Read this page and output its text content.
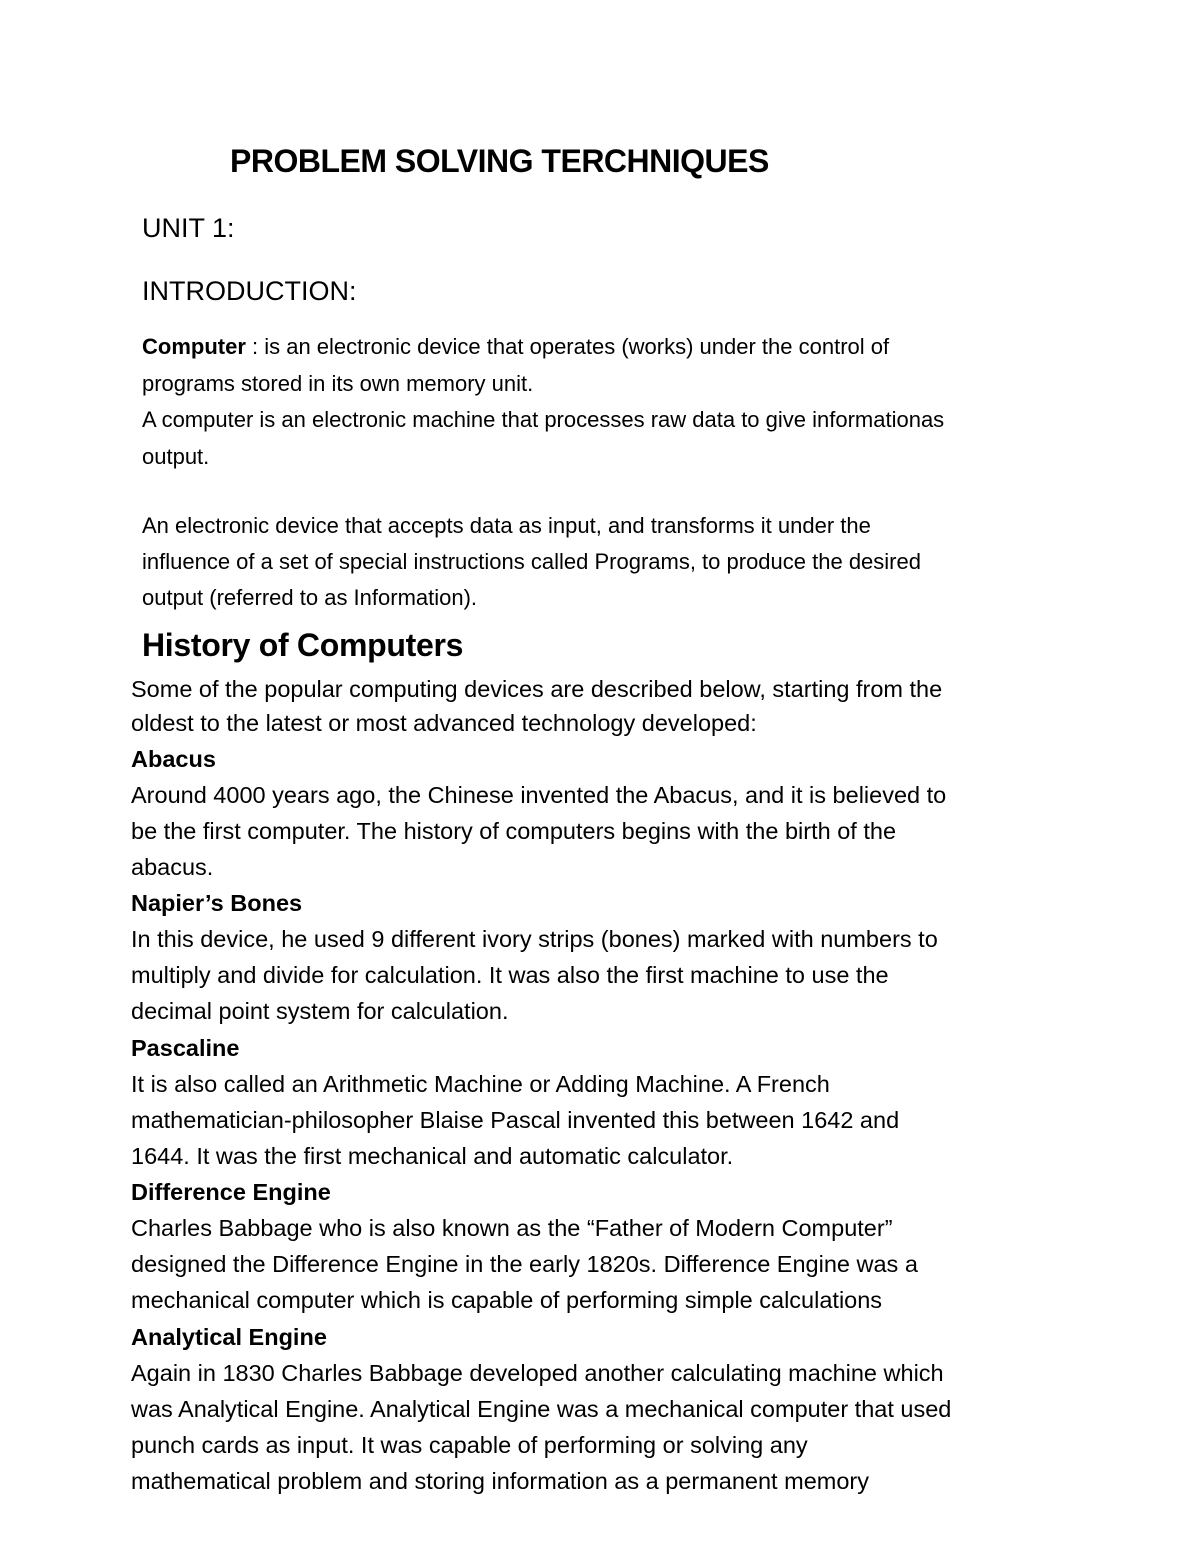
PROBLEM SOLVING TERCHNIQUES
UNIT 1:
INTRODUCTION:
Computer : is an electronic device that operates (works) under the control of
programs stored in its own memory unit.
A computer is an electronic machine that processes raw data to give informationas
output.
An electronic device that accepts data as input, and transforms it under the
influence of a set of special instructions called Programs, to produce the desired
output (referred to as Information).
History of Computers
Some of the popular computing devices are described below, starting from the
oldest to the latest or most advanced technology developed:
Abacus
Around 4000 years ago, the Chinese invented the Abacus, and it is believed to
be the first computer. The history of computers begins with the birth of the
abacus.
Napier’s Bones
In this device, he used 9 different ivory strips (bones) marked with numbers to
multiply and divide for calculation. It was also the first machine to use the
decimal point system for calculation.
Pascaline
It is also called an Arithmetic Machine or Adding Machine. A French
mathematician-philosopher Blaise Pascal invented this between 1642 and
1644. It was the first mechanical and automatic calculator.
Difference Engine
Charles Babbage who is also known as the “Father of Modern Computer”
designed the Difference Engine in the early 1820s. Difference Engine was a
mechanical computer which is capable of performing simple calculations
Analytical Engine
Again in 1830 Charles Babbage developed another calculating machine which
was Analytical Engine. Analytical Engine was a mechanical computer that used
punch cards as input. It was capable of performing or solving any
mathematical problem and storing information as a permanent memory
